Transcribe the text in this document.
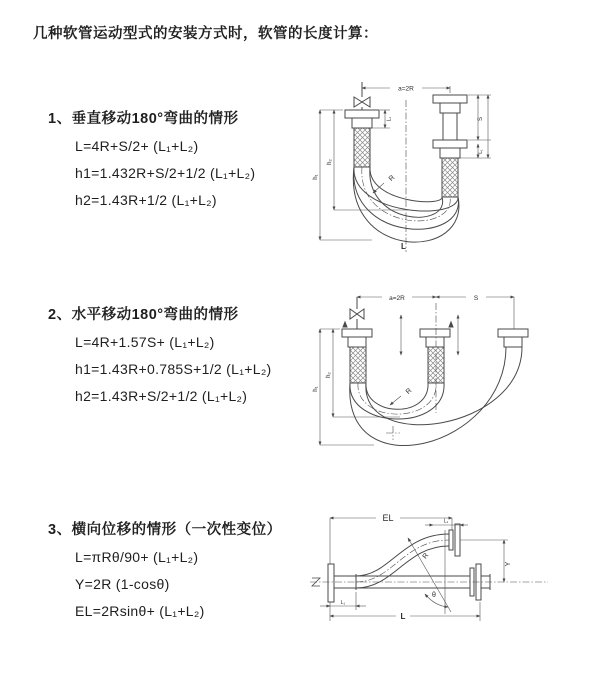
几种软管运动型式的安装方式时，软管的长度计算：
1、垂直移动180°弯曲的情形
L=4R+S/2+ (L₁+L₂)
h1=1.432R+S/2+1/2 (L₁+L₂)
h2=1.43R+1/2 (L₁+L₂)
2、水平移动180°弯曲的情形
L=4R+1.57S+ (L₁+L₂)
h1=1.43R+0.785S+1/2 (L₁+L₂)
h2=1.43R+S/2+1/2 (L₁+L₂)
3、横向位移的情形（一次性变位）
L=πRθ/90+ (L₁+L₂)
Y=2R (1-cosθ)
EL=2Rsinθ+ (L₁+L₂)
a=2R
L₁	S
L₁
h₁
h₂
R
L
a=2R	S
h₁
h₂
R
EL	L₁
Y
R
θ
L₁
L
